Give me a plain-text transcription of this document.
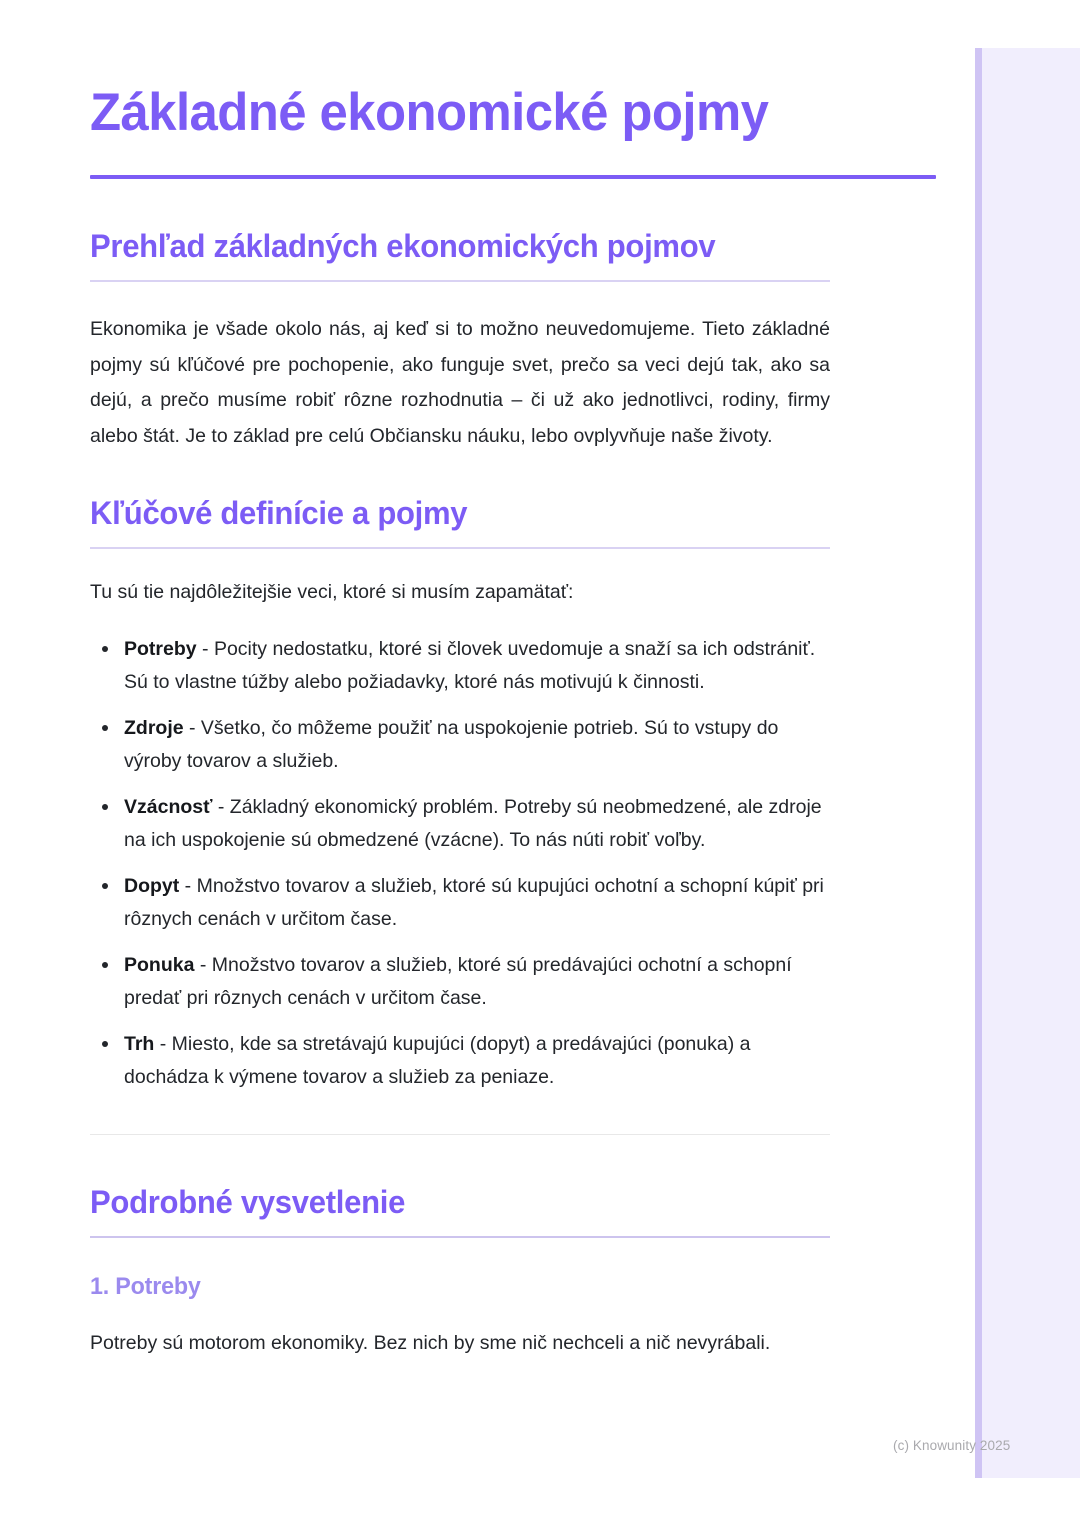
Základné ekonomické pojmy
Prehľad základných ekonomických pojmov

Ekonomika je všade okolo nás, aj keď si to možno neuvedomujeme. Tieto základné pojmy sú kľúčové pre pochopenie, ako funguje svet, prečo sa veci dejú tak, ako sa dejú, a prečo musíme robiť rôzne rozhodnutia – či už ako jednotlivci, rodiny, firmy alebo štát. Je to základ pre celú Občiansku náuku, lebo ovplyvňuje naše životy.

Kľúčové definície a pojmy

Tu sú tie najdôležitejšie veci, ktoré si musím zapamätať:

Potreby - Pocity nedostatku, ktoré si človek uvedomuje a snaží sa ich odstrániť. Sú to vlastne túžby alebo požiadavky, ktoré nás motivujú k činnosti.
Zdroje - Všetko, čo môžeme použiť na uspokojenie potrieb. Sú to vstupy do výroby tovarov a služieb.
Vzácnosť - Základný ekonomický problém. Potreby sú neobmedzené, ale zdroje na ich uspokojenie sú obmedzené (vzácne). To nás núti robiť voľby.
Dopyt - Množstvo tovarov a služieb, ktoré sú kupujúci ochotní a schopní kúpiť pri rôznych cenách v určitom čase.
Ponuka - Množstvo tovarov a služieb, ktoré sú predávajúci ochotní a schopní predať pri rôznych cenách v určitom čase.
Trh - Miesto, kde sa stretávajú kupujúci (dopyt) a predávajúci (ponuka) a dochádza k výmene tovarov a služieb za peniaze.
Podrobné vysvetlenie
1. Potreby

Potreby sú motorom ekonomiky. Bez nich by sme nič nechceli a nič nevyrábali.

(c) Knowunity 2025
